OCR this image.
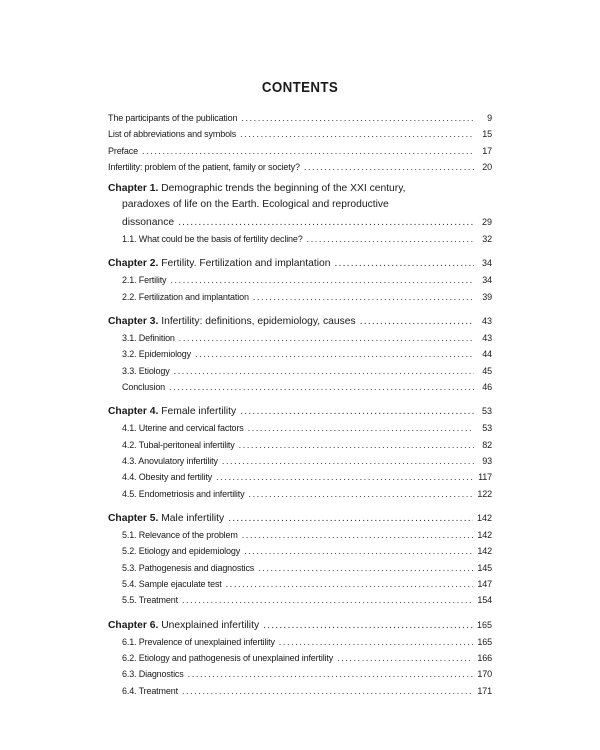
CONTENTS
The participants of the publication .....	9
List of abbreviations and symbols .....	15
Preface .....	17
Infertility: problem of the patient, family or society? .....	20
Chapter 1. Demographic trends the beginning of the XXI century,
paradoxes of life on the Earth. Ecological and reproductive
dissonance .....	29
1.1. What could be the basis of fertility decline? .....	32
Chapter 2. Fertility. Fertilization and implantation .....	34
2.1. Fertility .....	34
2.2. Fertilization and implantation .....	39
Chapter 3. Infertility: definitions, epidemiology, causes .....	43
3.1. Definition .....	43
3.2. Epidemiology .....	44
3.3. Etiology .....	45
Conclusion .....	46
Chapter 4. Female infertility .....	53
4.1. Uterine and cervical factors .....	53
4.2. Tubal-peritoneal infertility .....	82
4.3. Anovulatory infertility .....	93
4.4. Obesity and fertility .....	117
4.5. Endometriosis and infertility .....	122
Chapter 5. Male infertility .....	142
5.1. Relevance of the problem .....	142
5.2. Etiology and epidemiology .....	142
5.3. Pathogenesis and diagnostics .....	145
5.4. Sample ejaculate test .....	147
5.5. Treatment .....	154
Chapter 6. Unexplained infertility .....	165
6.1. Prevalence of unexplained infertility .....	165
6.2. Etiology and pathogenesis of unexplained infertility .....	166
6.3. Diagnostics .....	170
6.4. Treatment .....	171
